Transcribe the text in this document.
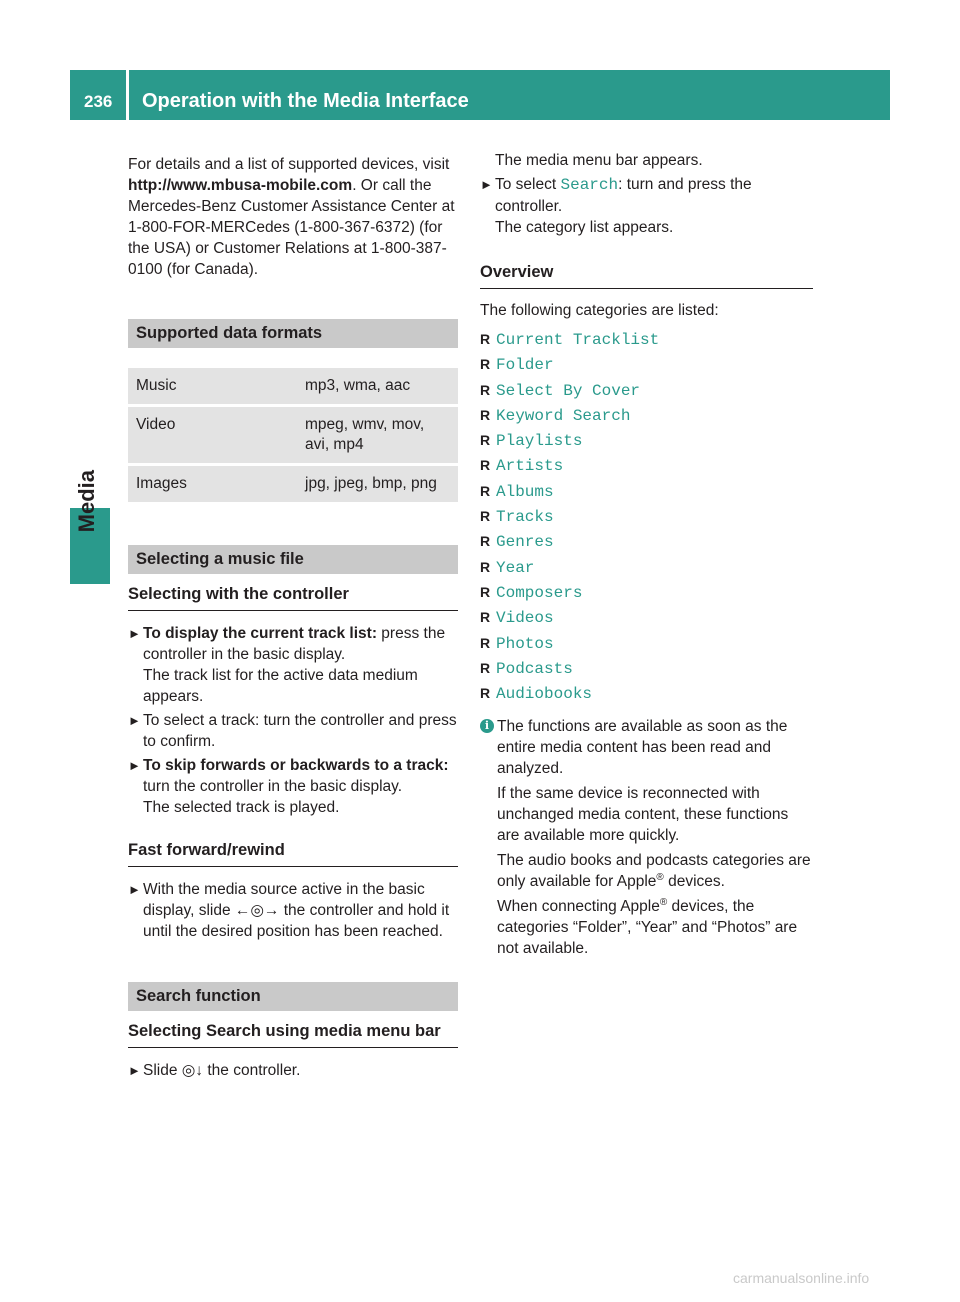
236	Operation with the Media Interface
Media

For details and a list of supported devices, visit http://www.mbusa-mobile.com. Or call the Mercedes-Benz Customer Assistance Center at 1-800-FOR-MERCedes (1-800-367-6372) (for the USA) or Customer Relations at 1-800-387-0100 (for Canada).

Supported data formats
Music	mp3, wma, aac
Video	mpeg, wmv, mov, avi, mp4
Images	jpg, jpeg, bmp, png
Selecting a music file
Selecting with the controller
► To display the current track list: press the controller in the basic display.
The track list for the active data medium appears.
► To select a track: turn the controller and press to confirm.
► To skip forwards or backwards to a track: turn the controller in the basic display.
The selected track is played.
Fast forward/rewind
► With the media source active in the basic display, slide ←◎→ the controller and hold it until the desired position has been reached.
Search function
Selecting Search using media menu bar
► Slide ◎↓ the controller.

The media menu bar appears.

► To select Search: turn and press the controller.
The category list appears.
Overview

The following categories are listed:

R Current Tracklist
R Folder
R Select By Cover
R Keyword Search
R Playlists
R Artists
R Albums
R Tracks
R Genres
R Year
R Composers
R Videos
R Photos
R Podcasts
R Audiobooks
i The functions are available as soon as the entire media content has been read and analyzed.

If the same device is reconnected with unchanged media content, these functions are available more quickly.

The audio books and podcasts categories are only available for Apple® devices.

When connecting Apple® devices, the categories “Folder”, “Year” and “Photos” are not available.

carmanualsonline.info
